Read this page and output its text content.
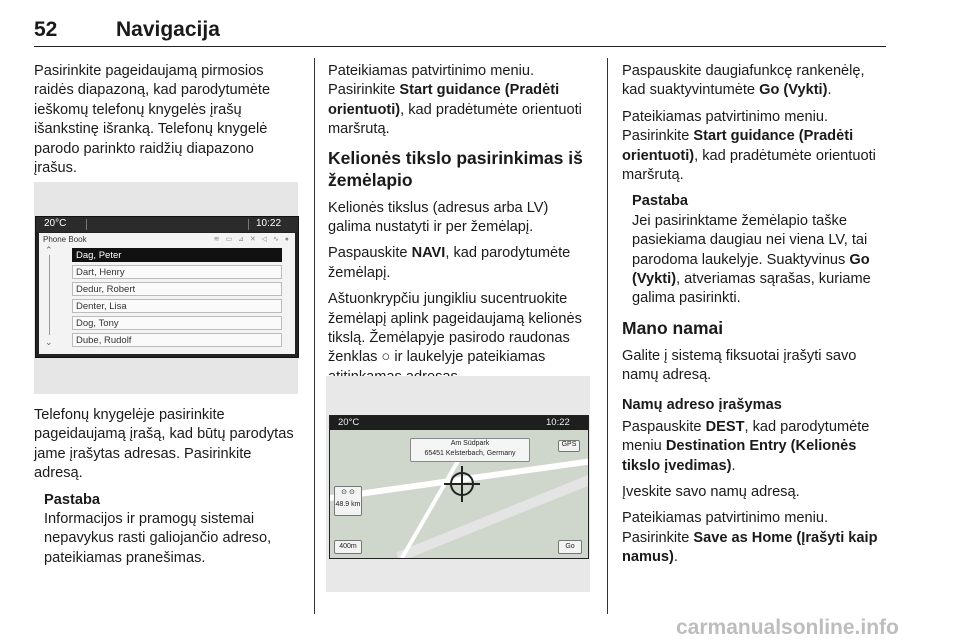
52	Navigacija

Pasirinkite pageidaujamą pirmosios raidės diapazoną, kad parodytumėte ieškomų telefonų knygelės įrašų išankstinę išranką. Telefonų knygelė parodo parinkto raidžių diapazono įrašus.

20°C	10:22
Phone Book	≋ ▭ ⊿ ✕ ◁ ∿ ●
⌃
⌄
Dag, Peter
Dart, Henry
Dedur, Robert
Denter, Lisa
Dog, Tony
Dube, Rudolf

Telefonų knygelėje pasirinkite pageidaujamą įrašą, kad būtų parodytas jame įrašytas adresas. Pasirinkite adresą.

Pastaba
Informacijos ir pramogų sistemai nepavykus rasti galiojančio adreso, pateikiamas pranešimas.

Pateikiamas patvirtinimo meniu. Pasirinkite Start guidance (Pradėti orientuoti), kad pradėtumėte orientuoti maršrutą.

Kelionės tikslo pasirinkimas iš žemėlapio

Kelionės tikslus (adresus arba LV) galima nustatyti ir per žemėlapį.

Paspauskite NAVI, kad parodytumėte žemėlapį.

Aštuonkrypčiu jungikliu sucentruokite žemėlapį aplink pageidaujamą kelionės tikslą. Žemėlapyje pasirodo raudonas ženklas ○ ir laukelyje pateikiamas

20°C	10:22
Am Südpark
65451 Kelsterbach, Germany
GPS
⊙ ⊙
48.9 km
400m	Go

Paspauskite daugiafunkcę rankenėlę, kad suaktyvintumėte Go (Vykti).

Pateikiamas patvirtinimo meniu. Pasirinkite Start guidance (Pradėti orientuoti), kad pradėtumėte orientuoti maršrutą.

Pastaba
Jei pasirinktame žemėlapio taške pasiekiama daugiau nei viena LV, tai parodoma laukelyje. Suaktyvinus Go (Vykti), atveriamas sąrašas, kuriame galima pasirinkti.
Mano namai

Galite į sistemą fiksuotai įrašyti savo namų adresą.

Namų adreso įrašymas

Paspauskite DEST, kad parodytumėte meniu Destination Entry (Kelionės tikslo įvedimas).

Įveskite savo namų adresą.

Pateikiamas patvirtinimo meniu. Pasirinkite Save as Home (Įrašyti kaip namus).

carmanualsonline.info
